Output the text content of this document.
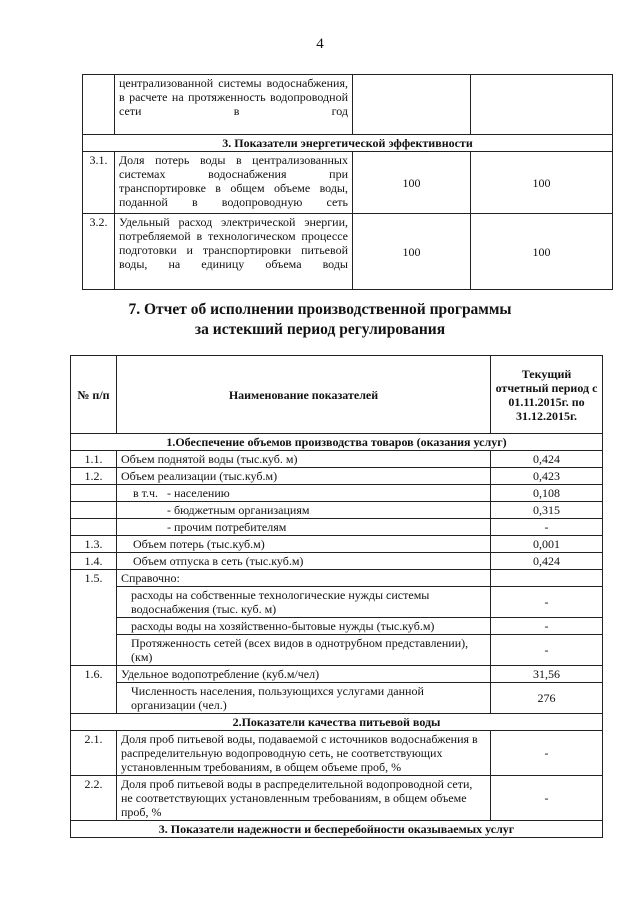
4
	централизованной системы водоснабжения, в расчете на протяженность водопроводной сети в год		
3. Показатели энергетической эффективности			
3.1.	Доля потерь воды в централизованных системах водоснабжения при транспортировке в общем объеме воды, поданной в водопроводную сеть	100	100
3.2.	Удельный расход электрической энергии, потребляемой в технологическом процессе подготовки и транспортировки питьевой воды, на единицу объема воды	100	100
7. Отчет об исполнении производственной программы
за истекший период регулирования
№ п/п	Наименование показателей	Текущий отчетный период с 01.11.2015г. по 31.12.2015г.
1.Обеспечение объемов производства товаров (оказания услуг)		
1.1.	Объем поднятой воды (тыс.куб. м)	0,424
1.2.	Объем реализации (тыс.куб.м)	0,423
	в т.ч.   - населению	0,108
	- бюджетным организациям	0,315
	- прочим потребителям	-
1.3.	Объем потерь (тыс.куб.м)	0,001
1.4.	Объем отпуска в сеть (тыс.куб.м)	0,424
1.5.	Справочно:	
	расходы на собственные технологические нужды системы водоснабжения (тыс. куб. м)	-
	расходы воды на хозяйственно-бытовые нужды (тыс.куб.м)	-
	Протяженность сетей (всех видов в однотрубном представлении), (км)	-
1.6.	Удельное водопотребление (куб.м/чел)	31,56
	Численность населения, пользующихся услугами данной организации (чел.)	276
2.Показатели качества питьевой воды		
2.1.	Доля проб питьевой воды, подаваемой с источников водоснабжения в распределительную водопроводную сеть, не соответствующих установленным требованиям, в общем объеме проб, %	-
2.2.	Доля проб питьевой воды в распределительной водопроводной сети, не соответствующих установленным требованиям, в общем объеме проб, %	-
3. Показатели надежности и бесперебойности оказываемых услуг		
